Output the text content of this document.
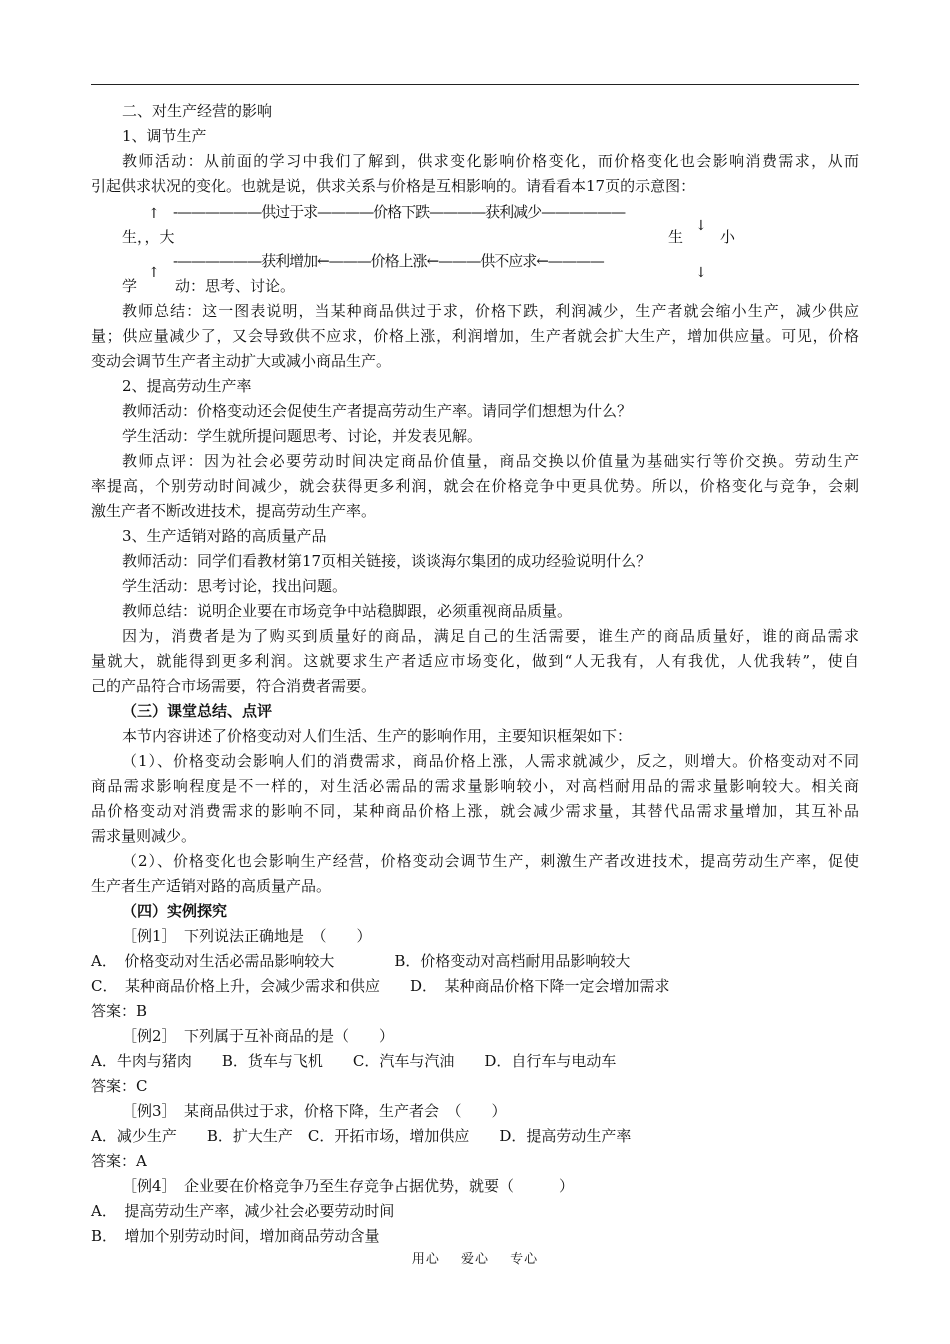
二、对生产经营的影响
1、调节生产
教师活动：从前面的学习中我们了解到，供求变化影响价格变化，而价格变化也会影响消费需求，从而
引起供求状况的变化。也就是说，供求关系与价格是互相影响的。请看看本17页的示意图：
-——————供过于求————价格下跌————获利减少——————
↑
↓
生，，大	生 小
-——————获利增加←———价格上涨←———供不应求←————
学
↑
动：思考、讨论。
↓
教师总结：这一图表说明，当某种商品供过于求，价格下跌，利润减少，生产者就会缩小生产，减少供应
量；供应量减少了，又会导致供不应求，价格上涨，利润增加，生产者就会扩大生产，增加供应量。可见，价格
变动会调节生产者主动扩大或减小商品生产。
2、提高劳动生产率
教师活动：价格变动还会促使生产者提高劳动生产率。请同学们想想为什么？
学生活动：学生就所提问题思考、讨论，并发表见解。
教师点评：因为社会必要劳动时间决定商品价值量，商品交换以价值量为基础实行等价交换。劳动生产
率提高，个别劳动时间减少，就会获得更多利润，就会在价格竞争中更具优势。所以，价格变化与竞争，会刺
激生产者不断改进技术，提高劳动生产率。
3、生产适销对路的高质量产品
教师活动：同学们看教材第17页相关链接，谈谈海尔集团的成功经验说明什么？
学生活动：思考讨论，找出问题。
教师总结：说明企业要在市场竞争中站稳脚跟，必须重视商品质量。
因为，消费者是为了购买到质量好的商品，满足自己的生活需要，谁生产的商品质量好，谁的商品需求
量就大，就能得到更多利润。这就要求生产者适应市场变化，做到“人无我有，人有我优，人优我转”，使自
己的产品符合市场需要，符合消费者需要。
（三）课堂总结、点评
本节内容讲述了价格变动对人们生活、生产的影响作用，主要知识框架如下：
（1）、价格变动会影响人们的消费需求，商品价格上涨，人需求就减少，反之，则增大。价格变动对不同
商品需求影响程度是不一样的，对生活必需品的需求量影响较小，对高档耐用品的需求量影响较大。相关商
品价格变动对消费需求的影响不同，某种商品价格上涨，就会减少需求量，其替代品需求量增加，其互补品
需求量则减少。
（2）、价格变化也会影响生产经营，价格变动会调节生产，刺激生产者改进技术，提高劳动生产率，促使
生产者生产适销对路的高质量产品。
（四）实例探究
［例1］　下列说法正确地是　（　　）
A．　价格变动对生活必需品影响较大　　　　B．价格变动对高档耐用品影响较大
C．　某种商品价格上升，会减少需求和供应　　D．　某种商品价格下降一定会增加需求
答案：B
［例2］　下列属于互补商品的是（　　）
A．牛肉与猪肉　　B．货车与飞机　　C．汽车与汽油　　D．自行车与电动车
答案：C
［例3］　某商品供过于求，价格下降，生产者会　（　　）
A．减少生产　　B．扩大生产　C．开拓市场，增加供应　　D．提高劳动生产率
答案：A
［例4］　企业要在价格竞争乃至生存竞争占据优势，就要（　　　）
A．　提高劳动生产率，减少社会必要劳动时间
B．　增加个别劳动时间，增加商品劳动含量
用心 爱心 专心
